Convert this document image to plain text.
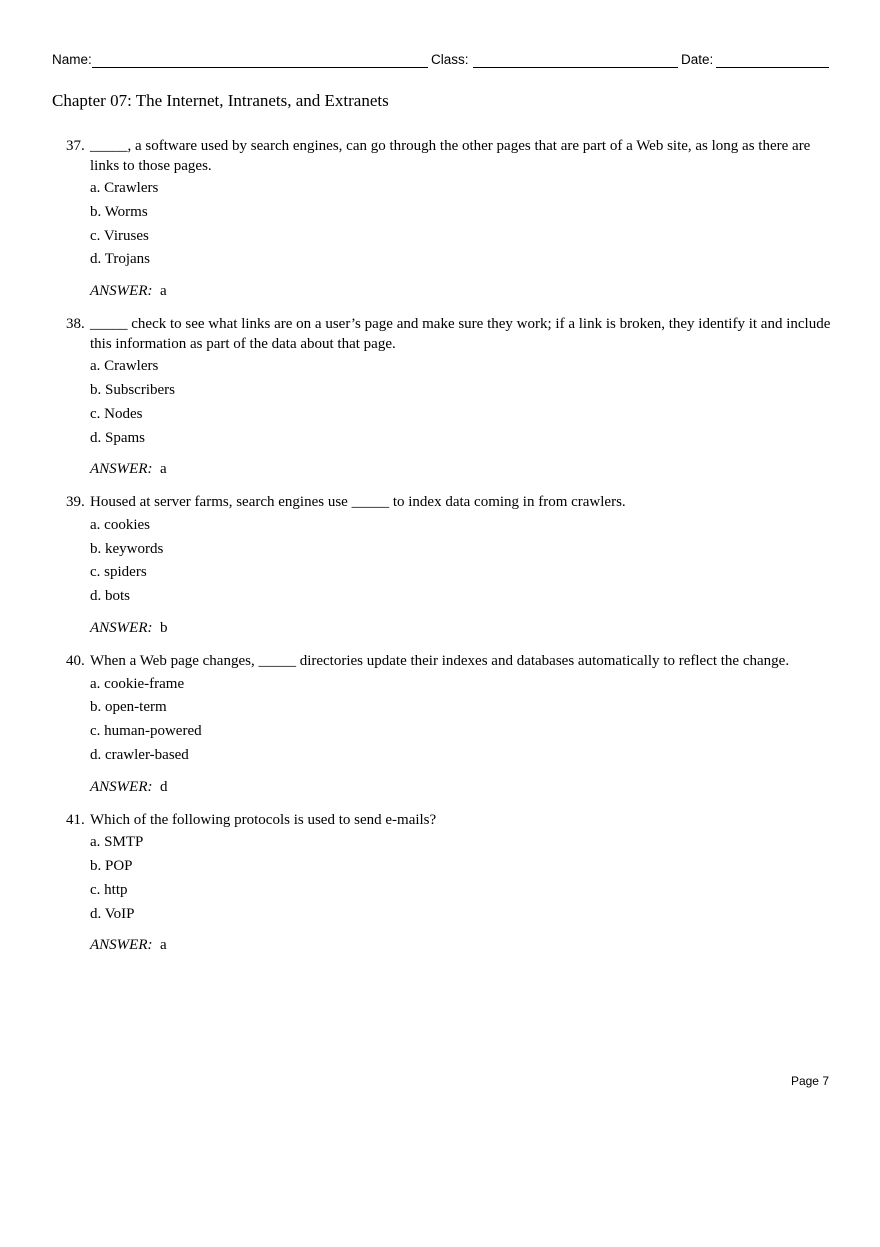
Name:	Class:	Date:
Chapter 07: The Internet, Intranets, and Extranets
37. _____, a software used by search engines, can go through the other pages that are part of a Web site, as long as there are links to those pages.
a. Crawlers
b. Worms
c. Viruses
d. Trojans
ANSWER: a
38. _____ check to see what links are on a user’s page and make sure they work; if a link is broken, they identify it and include this information as part of the data about that page.
a. Crawlers
b. Subscribers
c. Nodes
d. Spams
ANSWER: a
39. Housed at server farms, search engines use _____ to index data coming in from crawlers.
a. cookies
b. keywords
c. spiders
d. bots
ANSWER: b
40. When a Web page changes, _____ directories update their indexes and databases automatically to reflect the change.
a. cookie-frame
b. open-term
c. human-powered
d. crawler-based
ANSWER: d
41. Which of the following protocols is used to send e-mails?
a. SMTP
b. POP
c. http
d. VoIP
ANSWER: a
Page 7
